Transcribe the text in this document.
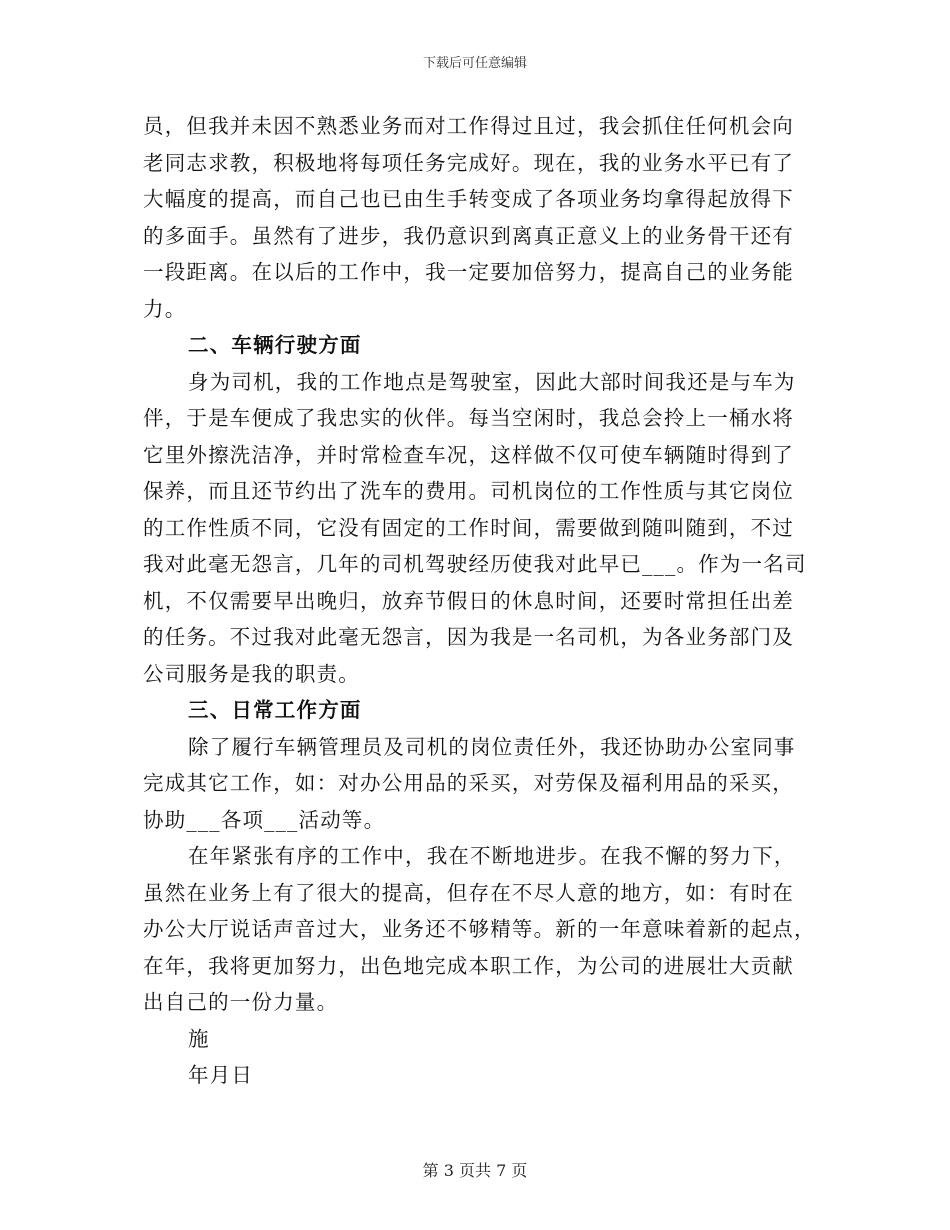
下载后可任意编辑
员，但我并未因不熟悉业务而对工作得过且过，我会抓住任何机会向
老同志求教，积极地将每项任务完成好。现在，我的业务水平已有了
大幅度的提高，而自己也已由生手转变成了各项业务均拿得起放得下
的多面手。虽然有了进步，我仍意识到离真正意义上的业务骨干还有
一段距离。在以后的工作中，我一定要加倍努力，提高自己的业务能
力。
二、车辆行驶方面
身为司机，我的工作地点是驾驶室，因此大部时间我还是与车为
伴，于是车便成了我忠实的伙伴。每当空闲时，我总会拎上一桶水将
它里外擦洗洁净，并时常检查车况，这样做不仅可使车辆随时得到了
保养，而且还节约出了洗车的费用。司机岗位的工作性质与其它岗位
的工作性质不同，它没有固定的工作时间，需要做到随叫随到，不过
我对此毫无怨言，几年的司机驾驶经历使我对此早已___。作为一名司
机，不仅需要早出晚归，放弃节假日的休息时间，还要时常担任出差
的任务。不过我对此毫无怨言，因为我是一名司机，为各业务部门及
公司服务是我的职责。
三、日常工作方面
除了履行车辆管理员及司机的岗位责任外，我还协助办公室同事
完成其它工作，如：对办公用品的采买，对劳保及福利用品的采买，
协助___各项___活动等。
在年紧张有序的工作中，我在不断地进步。在我不懈的努力下，
虽然在业务上有了很大的提高，但存在不尽人意的地方，如：有时在
办公大厅说话声音过大，业务还不够精等。新的一年意味着新的起点，
在年，我将更加努力，出色地完成本职工作，为公司的进展壮大贡献
出自己的一份力量。
施
年月日
第 3 页共 7 页
